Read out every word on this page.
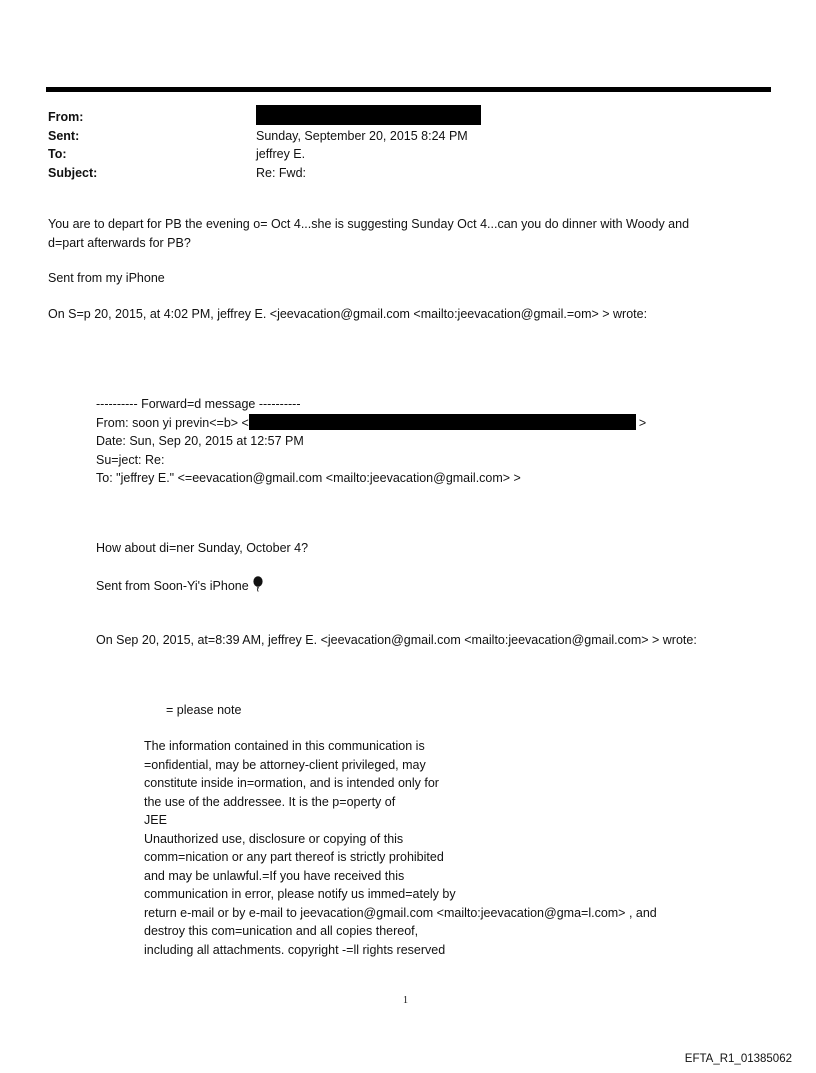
From:
Sent:
To:
Subject:
Sunday, September 20, 2015 8:24 PM
jeffrey E.
Re: Fwd:
You are to depart for PB the evening o= Oct 4...she is suggesting Sunday Oct 4...can you do dinner with Woody and
d=part afterwards for PB?
Sent from my iPhone
On S=p 20, 2015, at 4:02 PM, jeffrey E. <jeevacation@gmail.com <mailto:jeevacation@gmail.=om> > wrote:
---------- Forward=d message ----------
From: soon yi previn<=b> <	>
Date: Sun, Sep 20, 2015 at 12:57 PM
Su=ject: Re:
To: "jeffrey E." <=eevacation@gmail.com <mailto:jeevacation@gmail.com> >
How about di=ner Sunday, October 4?
Sent from Soon-Yi's iPhone
On Sep 20, 2015, at=8:39 AM, jeffrey E. <jeevacation@gmail.com <mailto:jeevacation@gmail.com> > wrote:
= please note
The information contained in this communication is
=onfidential, may be attorney-client privileged, may
constitute inside in=ormation, and is intended only for
the use of the addressee. It is the p=operty of
JEE
Unauthorized use, disclosure or copying of this
comm=nication or any part thereof is strictly prohibited
and may be unlawful.=If you have received this
communication in error, please notify us immed=ately by
return e-mail or by e-mail to jeevacation@gmail.com <mailto:jeevacation@gma=l.com> , and
destroy this com=unication and all copies thereof,
including all attachments. copyright -=ll rights reserved
1
EFTA_R1_01385062
